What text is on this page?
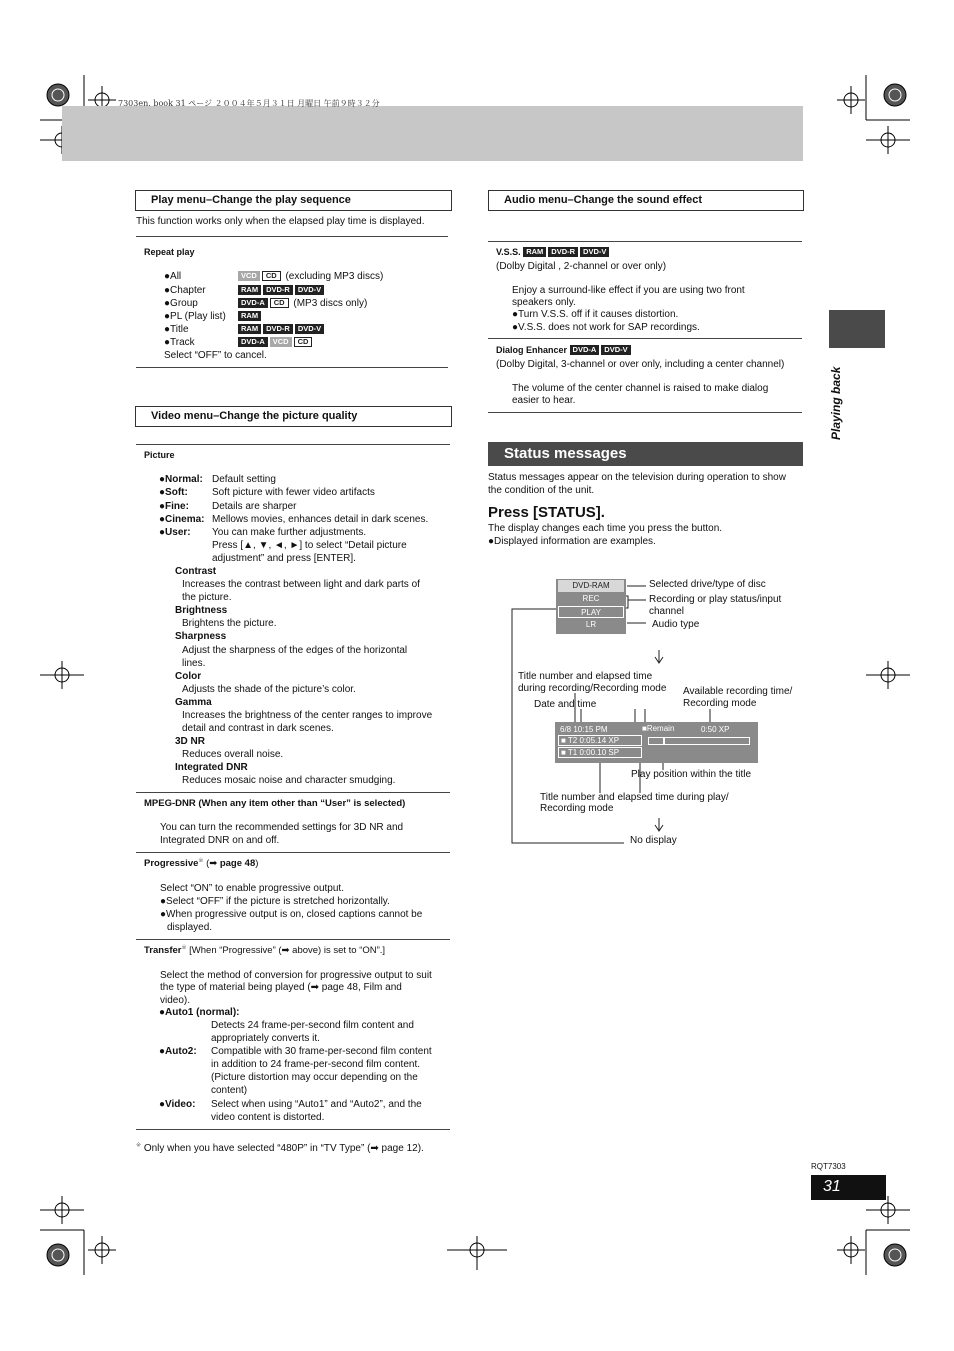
7303en. book 31 ページ ２００４年５月３１日 月曜日 午前９時３２分
Play menu–Change the play sequence
This function works only when the elapsed play time is displayed.
Repeat play
●All	VCD CD (excluding MP3 discs)
●Chapter	RAM DVD-R DVD-V
●Group	DVD-A CD (MP3 discs only)
●PL (Play list)	RAM
●Title	RAM DVD-R DVD-V
●Track	DVD-A VCD CD
Select “OFF” to cancel.
Video menu–Change the picture quality
Picture
●Normal: Default setting
●Soft: Soft picture with fewer video artifacts
●Fine: Details are sharper
●Cinema: Mellows movies, enhances detail in dark scenes.
●User: You can make further adjustments.
Press [▲, ▼, ◄, ►] to select “Detail picture
adjustment” and press [ENTER].
Contrast
Increases the contrast between light and dark parts of
the picture.
Brightness
Brightens the picture.
Sharpness
Adjust the sharpness of the edges of the horizontal
lines.
Color
Adjusts the shade of the picture’s color.
Gamma
Increases the brightness of the center ranges to improve
detail and contrast in dark scenes.
3D NR
Reduces overall noise.
Integrated DNR
Reduces mosaic noise and character smudging.
MPEG-DNR (When any item other than “User” is selected)
You can turn the recommended settings for 3D NR and
Integrated DNR on and off.
Progressive※ (➡ page 48)
Select “ON” to enable progressive output.
●Select “OFF” if the picture is stretched horizontally.
●When progressive output is on, closed captions cannot be
displayed.
Transfer※ [When “Progressive” (➡ above) is set to “ON”.]
Select the method of conversion for progressive output to suit
the type of material being played (➡ page 48, Film and
video).
●Auto1 (normal):
Detects 24 frame-per-second film content and
appropriately converts it.
●Auto2: Compatible with 30 frame-per-second film content
in addition to 24 frame-per-second film content.
(Picture distortion may occur depending on the
content)
●Video: Select when using “Auto1” and “Auto2”, and the
video content is distorted.
※ Only when you have selected “480P” in “TV Type” (➡ page 12).
Audio menu–Change the sound effect
V.S.S. RAM DVD-R DVD-V
(Dolby Digital , 2-channel or over only)
Enjoy a surround-like effect if you are using two front
speakers only.
●Turn V.S.S. off if it causes distortion.
●V.S.S. does not work for SAP recordings.
Dialog Enhancer DVD-A DVD-V
(Dolby Digital, 3-channel or over only, including a center channel)
The volume of the center channel is raised to make dialog
easier to hear.
Status messages
Status messages appear on the television during operation to show
the condition of the unit.
Press [STATUS].
The display changes each time you press the button.
●Displayed information are examples.
DVD-RAM
REC
PLAY
LR
Selected drive/type of disc
Recording or play status/input
channel
Audio type
Title number and elapsed time
during recording/Recording mode Available recording time/
Recording mode
Date and time
6/8 10:15 PM	■Remain	0:50 XP
■ T2 0:05.14 XP
■ T1 0:00.10 SP
Play position within the title
Title number and elapsed time during play/
Recording mode
No display
Playing back
RQT7303
31
